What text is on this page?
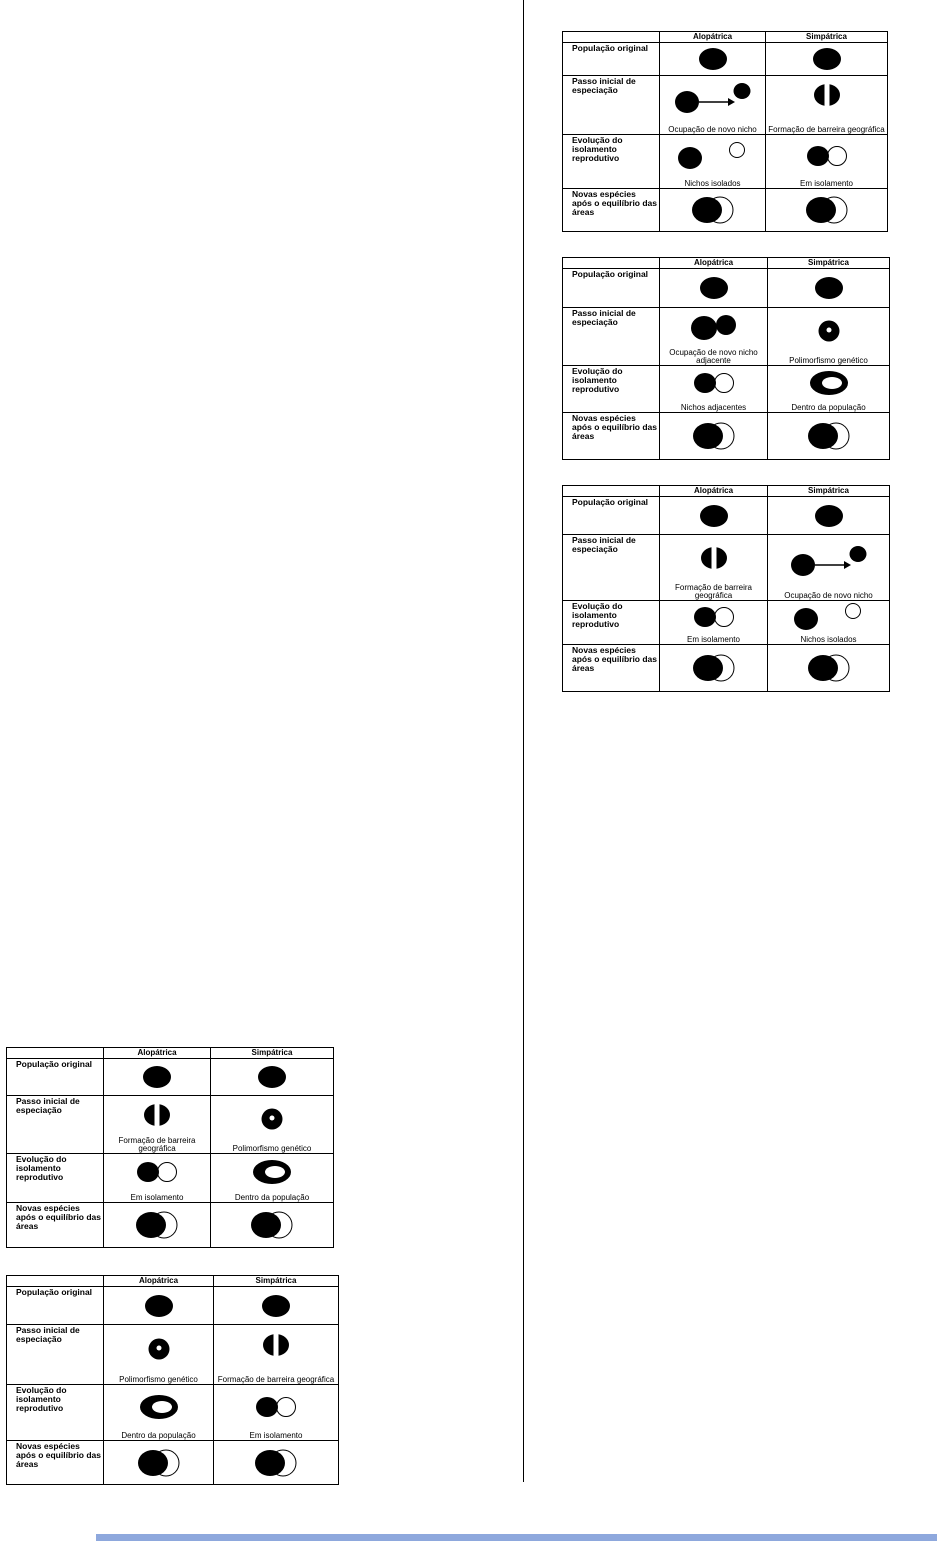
	Alopátrica	Simpátrica
População original	

Passo inicial de especiação	Ocupação de novo nicho	Formação de barreira geográfica

Evolução do isolamento reprodutivo	Nichos isolados	Em isolamento

Novas espécies após o equilíbrio das áreas	

	Alopátrica	Simpátrica
População original	

Passo inicial de especiação	Ocupação de novo nicho adjacente	Polimorfismo genético

Evolução do isolamento reprodutivo	Nichos adjacentes	Dentro da população

Novas espécies após o equilíbrio das áreas	

	Alopátrica	Simpátrica
População original	

Passo inicial de especiação	Formação de barreira geográfica	Ocupação de novo nicho

Evolução do isolamento reprodutivo	Em isolamento	Nichos isolados

Novas espécies após o equilíbrio das áreas	

	Alopátrica	Simpátrica
População original	

Passo inicial de especiação	Formação de barreira geográfica	Polimorfismo genético

Evolução do isolamento reprodutivo	Em isolamento	Dentro da população

Novas espécies após o equilíbrio das áreas	

	Alopátrica	Simpátrica
População original	

Passo inicial de especiação	Polimorfismo genético	Formação de barreira geográfica

Evolução do isolamento reprodutivo	Dentro da população	Em isolamento

Novas espécies após o equilíbrio das áreas	
